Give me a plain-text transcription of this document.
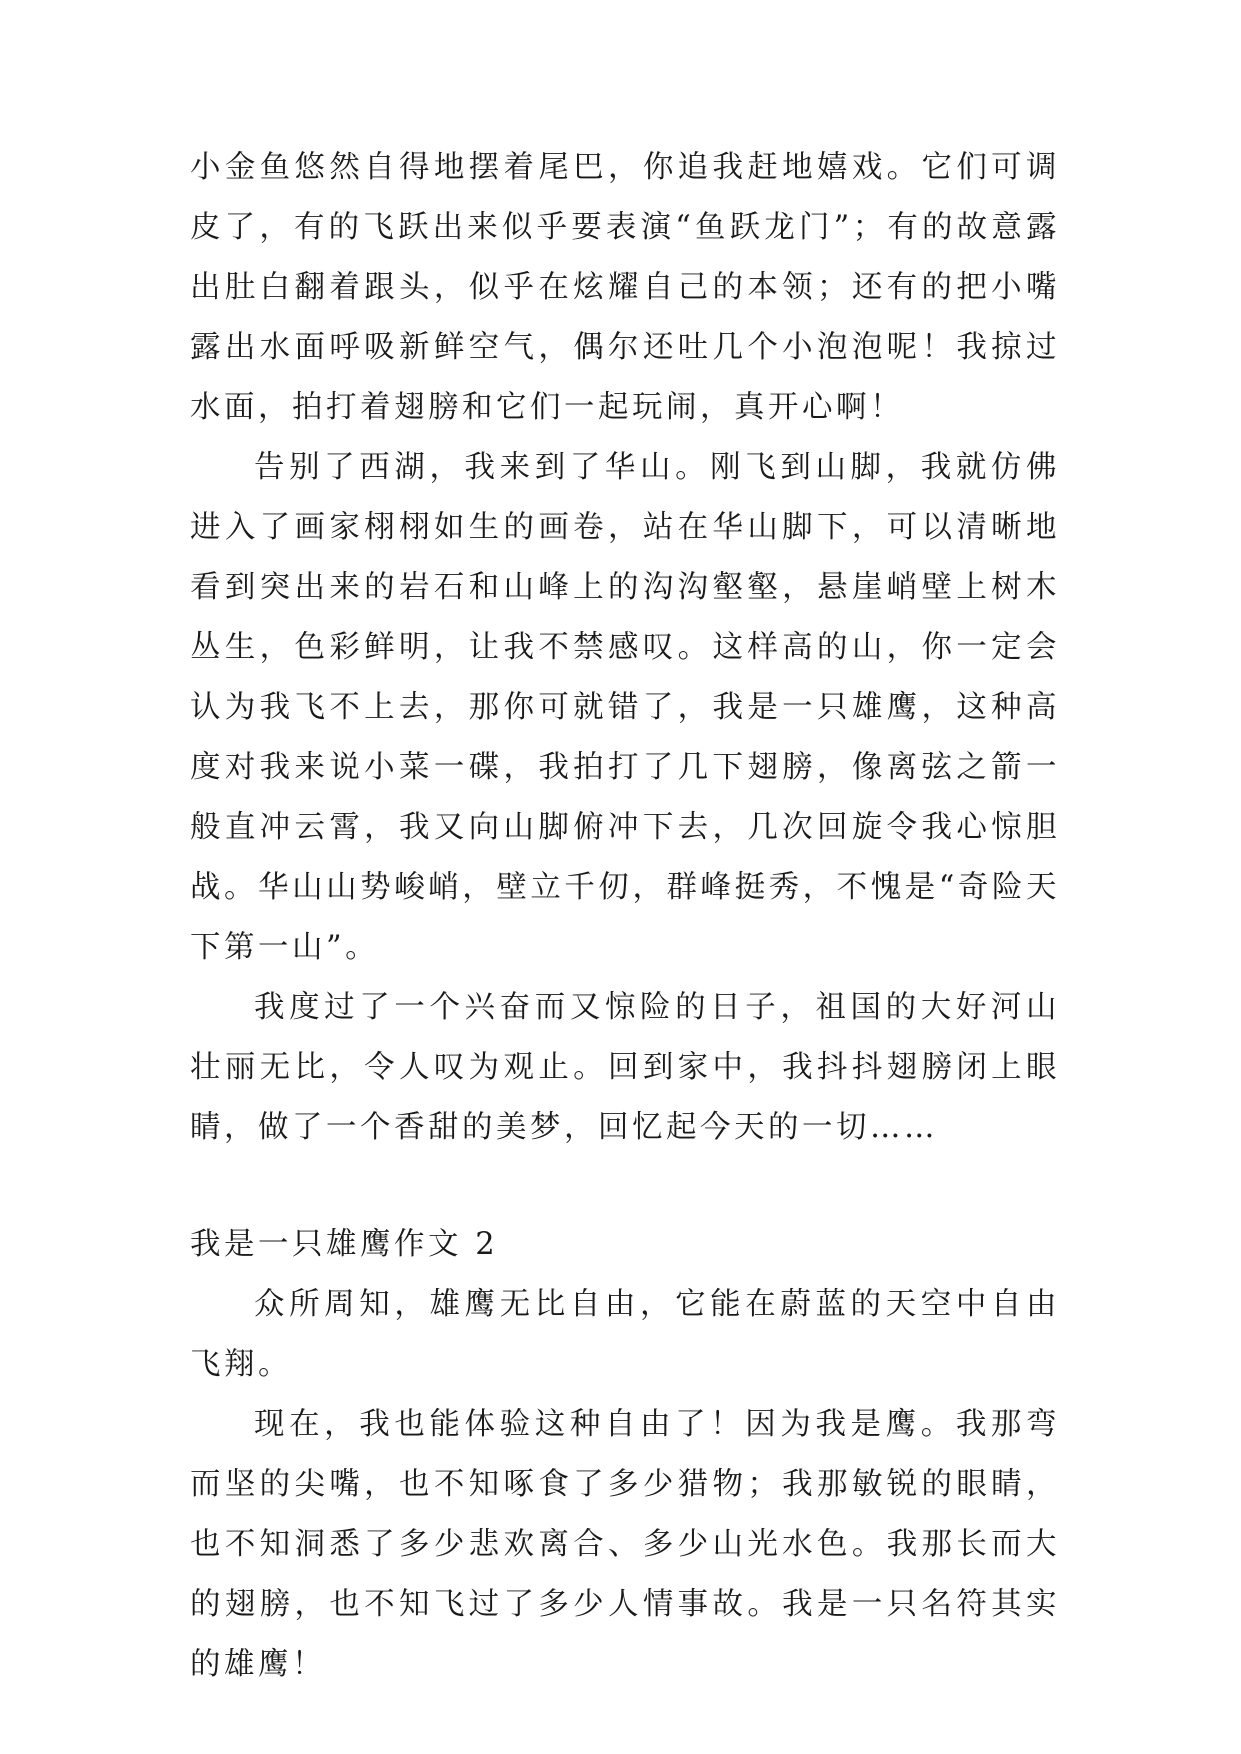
小金鱼悠然自得地摆着尾巴，你追我赶地嬉戏。它们可调皮了，有的飞跃出来似乎要表演“鱼跃龙门”；有的故意露出肚白翻着跟头，似乎在炫耀自己的本领；还有的把小嘴露出水面呼吸新鲜空气，偶尔还吐几个小泡泡呢！我掠过水面，拍打着翅膀和它们一起玩闹，真开心啊！

告别了西湖，我来到了华山。刚飞到山脚，我就仿佛进入了画家栩栩如生的画卷，站在华山脚下，可以清晰地看到突出来的岩石和山峰上的沟沟壑壑，悬崖峭壁上树木丛生，色彩鲜明，让我不禁感叹。这样高的山，你一定会认为我飞不上去，那你可就错了，我是一只雄鹰，这种高度对我来说小菜一碟，我拍打了几下翅膀，像离弦之箭一般直冲云霄，我又向山脚俯冲下去，几次回旋令我心惊胆战。华山山势峻峭，壁立千仞，群峰挺秀，不愧是“奇险天下第一山”。

我度过了一个兴奋而又惊险的日子，祖国的大好河山壮丽无比，令人叹为观止。回到家中，我抖抖翅膀闭上眼睛，做了一个香甜的美梦，回忆起今天的一切……

我是一只雄鹰作文 2

众所周知，雄鹰无比自由，它能在蔚蓝的天空中自由飞翔。

现在，我也能体验这种自由了！因为我是鹰。我那弯而坚的尖嘴，也不知啄食了多少猎物；我那敏锐的眼睛，也不知洞悉了多少悲欢离合、多少山光水色。我那长而大的翅膀，也不知飞过了多少人情事故。我是一只名符其实的雄鹰！
